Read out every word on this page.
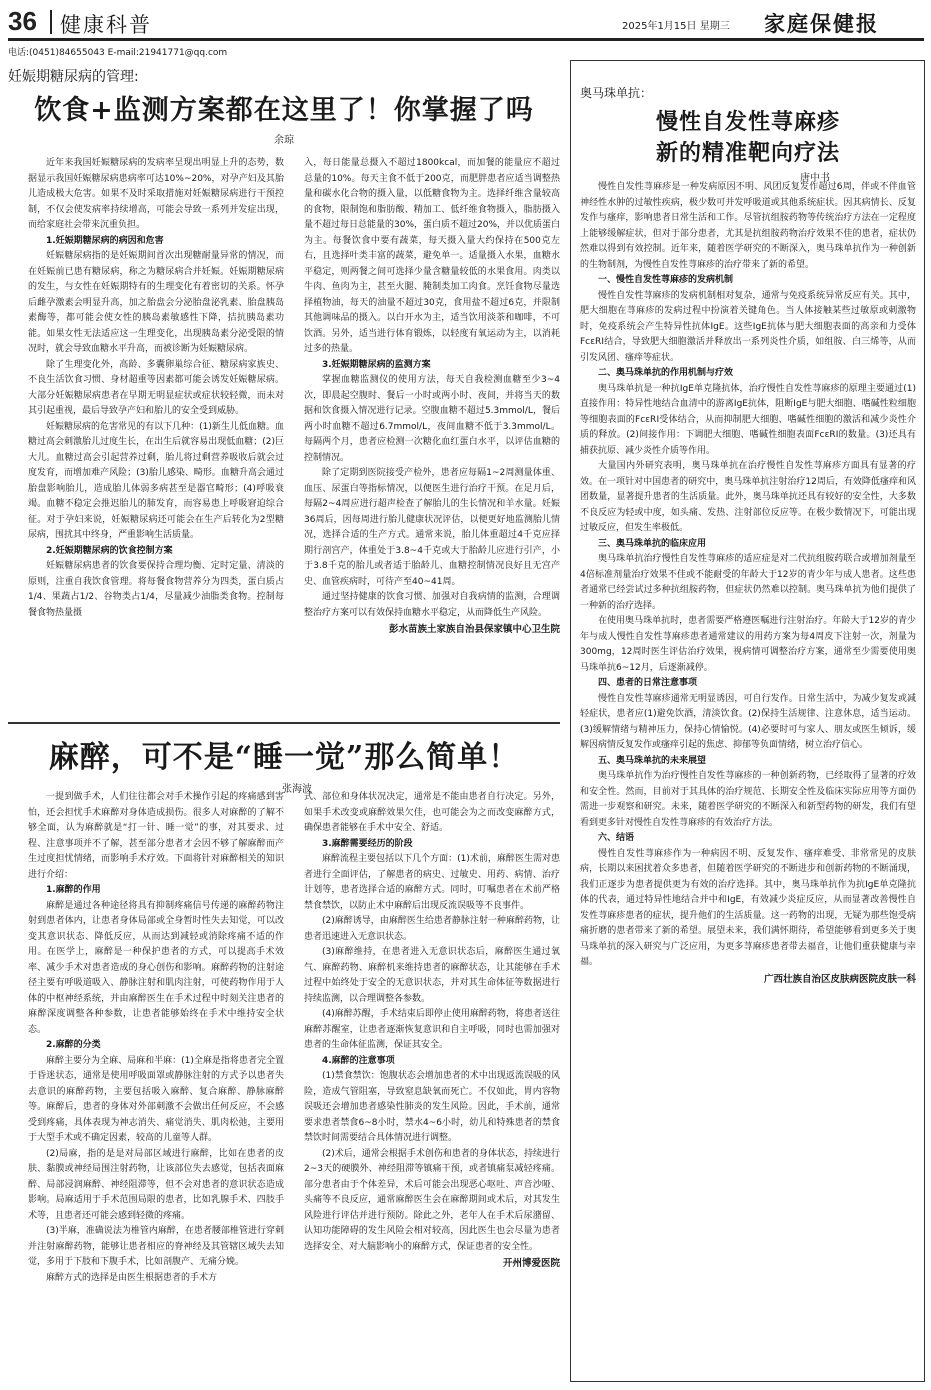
36 健康科普	2025年1月15日 星期三 家庭保健报
电话:(0451)84655043 E-mail:21941771@qq.com
妊娠期糖尿病的管理:
饮食+监测方案都在这里了！你掌握了吗
余琼

近年来我国妊娠糖尿病的发病率呈现出明显上升的态势，数据显示我国妊娠糖尿病患病率可达10%~20%，对孕产妇及其胎儿造成极大危害。如果不及时采取措施对妊娠糖尿病进行干预控制，不仅会使发病率持续增高，可能会导致一系列并发症出现，而给家庭社会带来沉重负担。

1.妊娠期糖尿病的病因和危害

妊娠糖尿病指的是妊娠期间首次出现糖耐量异常的情况，而在妊娠前已患有糖尿病，称之为糖尿病合并妊娠。妊娠期糖尿病的发生，与女性在妊娠期特有的生理变化有着密切的关系。怀孕后雌孕激素会明显升高，加之胎盘会分泌胎盘泌乳素、胎盘胰岛素酶等，都可能会使女性的胰岛素敏感性下降，拮抗胰岛素功能。如果女性无法适应这一生理变化，出现胰岛素分泌受限的情况时，就会导致血糖水平升高，而被诊断为妊娠糖尿病。

除了生理变化外，高龄、多囊卵巢综合征、糖尿病家族史、不良生活饮食习惯、身材超重等因素都可能会诱发妊娠糖尿病。大部分妊娠糖尿病患者在早期无明显症状或症状较轻微，而未对其引起重视，最后导致孕产妇和胎儿的安全受到威胁。

妊娠糖尿病的危害常见的有以下几种：(1)新生儿低血糖。血糖过高会刺激胎儿过度生长，在出生后就容易出现低血糖；(2)巨大儿。血糖过高会引起营养过剩，胎儿将过剩营养吸收后就会过度发育，而增加难产风险；(3)胎儿感染、畸形。血糖升高会通过胎盘影响胎儿，造成胎儿体弱多病甚至是器官畸形；(4)呼吸衰竭。血糖不稳定会推迟胎儿的肺发育，而容易患上呼吸窘迫综合征。对于孕妇来说，妊娠糖尿病还可能会在生产后转化为2型糖尿病，围扰其中终身，严重影响生活质量。

2.妊娠期糖尿病的饮食控制方案

妊娠糖尿病患者的饮食要保持合理均衡、定时定量、清淡的原则，注重自我饮食管理。将每餐食物营养分为四类，蛋白质占1/4、果蔬占1/2、谷物类占1/4，尽量减少油脂类食物。控制每餐食物热量摄

入，每日能量总摄入不超过1800kcal，而加餐的能量应不超过总量的10%。每天主食不低于200克，而肥胖患者应适当调整热量和碳水化合物的摄入量，以低糖食物为主。选择纤维含量较高的食物，限制饱和脂肪酸、精加工、低纤维食物摄入，脂肪摄入量不超过每日总能量的30%，蛋白质不超过20%，并以优质蛋白为主。每餐饮食中要有蔬菜，每天摄入量大约保持在500克左右，且选择叶类丰富的蔬菜，避免单一。适量摄入水果，血糖水平稳定，则两餐之间可选择少量含糖量较低的水果食用。肉类以牛肉、鱼肉为主，甚至火腿、腌制类加工肉食。烹饪食物尽量选择植物油，每天的油量不超过30克，食用盐不超过6克，并限制其他调味品的摄入。以白开水为主，适当饮用淡茶和咖啡，不可饮酒。另外，适当进行体育锻炼，以轻度有氧运动为主，以消耗过多的热量。

3.妊娠期糖尿病的监测方案

掌握血糖监测仪的使用方法，每天自我检测血糖至少3~4次，即晨起空腹时、餐后一小时或两小时、夜间，并将当天的数据和饮食摄入情况进行记录。空腹血糖不超过5.3mmol/L，餐后两小时血糖不超过6.7mmol/L，夜间血糖不低于3.3mmol/L。每隔两个月，患者应检测一次糖化血红蛋白水平，以评估血糖的控制情况。

除了定期到医院接受产检外，患者应每隔1~2周测量体重、血压、尿蛋白等指标情况，以便医生进行治疗干预。在足月后，每隔2~4周应进行超声检查了解胎儿的生长情况和羊水量。妊娠36周后，因每周进行胎儿健康状况评估，以便更好地监测胎儿情况，选择合适的生产方式。通常来说，胎儿体重超过4千克应择期行剖宫产，体重处于3.8~4千克或大于胎龄儿应进行引产，小于3.8千克的胎儿或者适于胎龄儿、血糖控制情况良好且无宫产史、血管疾病时，可待产至40~41周。

通过坚持健康的饮食习惯、加强对自我病情的监测，合理调整治疗方案可以有效保持血糖水平稳定，从而降低生产风险。

彭水苗族土家族自治县保家镇中心卫生院
麻醉，可不是“睡一觉”那么简单！
张海波

一提到做手术，人们往往都会对手术操作引起的疼痛感到害怕，还会担忧手术麻醉对身体造成损伤。很多人对麻醉的了解不够全面，认为麻醉就是“打一针、睡一觉”的事，对其要求、过程、注意事项并不了解，甚至部分患者才会因不够了解麻醉而产生过度担忧情绪，而影响手术疗效。下面将针对麻醉相关的知识进行介绍：

1.麻醉的作用

麻醉是通过各种途径将具有抑制疼痛信号传递的麻醉药物注射到患者体内，让患者身体局部或全身暂时性失去知觉，可以改变其意识状态、降低反应，从而达到减轻或消除疼痛不适的作用。在医学上，麻醉是一种保护患者的方式，可以提高手术效率、减少手术对患者造成的身心创伤和影响。麻醉药物的注射途径主要有呼吸道吸入、静脉注射和肌肉注射，可使药物作用于人体的中枢神经系统，并由麻醉医生在手术过程中时刻关注患者的麻醉深度调整各种参数，让患者能够始终在手术中维持安全状态。

2.麻醉的分类

麻醉主要分为全麻、局麻和半麻：(1)全麻是指将患者完全置于昏迷状态，通常是使用呼吸面罩或静脉注射的方式予以患者失去意识的麻醉药物，主要包括吸入麻醉、复合麻醉、静脉麻醉等。麻醉后，患者的身体对外部刺激不会做出任何反应，不会感受到疼痛，具体表现为神志消失、痛觉消失、肌肉松弛，主要用于大型手术或不确定因素，较高的儿童等人群。

(2)局麻，指的是是对局部区域进行麻醉，比如在患者的皮肤、黏膜或神经局围注射药物，让该部位失去感觉，包括表面麻醉、局部浸润麻醉、神经阻滞等，但不会对患者的意识状态造成影响。局麻适用于手术范围局限的患者，比如乳腺手术、四肢手术等，且患者还可能会感到轻微的疼痛。

(3)半麻，准确说法为椎管内麻醉，在患者腰部椎管进行穿刺并注射麻醉药物，能够让患者相应的脊神经及其管辖区域失去知觉，多用于下肢和下腹手术，比如剖腹产、无痛分娩。

麻醉方式的选择是由医生根据患者的手术方

式、部位和身体状况决定，通常是不能由患者自行决定。另外，如果手术改变或麻醉效果欠佳，也可能会为之而改变麻醉方式，确保患者能够在手术中安全、舒适。

3.麻醉需要经历的阶段

麻醉流程主要包括以下几个方面：(1)术前，麻醉医生需对患者进行全面评估，了解患者的病史、过敏史、用药、病情、治疗计划等，患者选择合适的麻醉方式。同时，叮嘱患者在术前严格禁食禁饮，以防止术中麻醉后出现反流误吸等不良事件。

(2)麻醉诱导，由麻醉医生给患者静脉注射一种麻醉药物，让患者迅速进入无意识状态。

(3)麻醉维持，在患者进入无意识状态后，麻醉医生通过氧气、麻醉药物、麻醉机来维持患者的麻醉状态，让其能够在手术过程中始终处于安全的无意识状态，并对其生命体征等数据进行持续监测，以合理调整各参数。

(4)麻醉苏醒，手术结束后即停止使用麻醉药物，将患者送往麻醉苏醒室，让患者逐渐恢复意识和自主呼吸，同时也需加强对患者的生命体征监测，保证其安全。

4.麻醉的注意事项

(1)禁食禁饮：饱腹状态会增加患者的术中出现返流误吸的风险，造成气管阻塞，导致窒息缺氧而死亡。不仅如此，胃内容物误吸还会增加患者感染性肺炎的发生风险。因此，手术前，通常要求患者禁食6~8小时，禁水4~6小时，幼儿和特殊患者的禁食禁饮时间需要结合具体情况进行调整。

(2)术后，通常会根据手术创伤和患者的身体状态，持续进行2~3天的硬膜外、神经阻滞等镇痛干预，或者镇痛泵减轻疼痛。部分患者由于个体差异，术后可能会出现恶心呕吐、声音沙哑、头痛等不良反应，通常麻醉医生会在麻醉期间或术后，对其发生风险进行评估并进行预防。除此之外，老年人在手术后尿潴留、认知功能障碍的发生风险会相对较高，因此医生也会尽量为患者选择安全、对大脑影响小的麻醉方式，保证患者的安全性。

开州博爱医院
奥马珠单抗：
慢性自发性荨麻疹
新的精准靶向疗法
唐中书

慢性自发性荨麻疹是一种发病原因不明、风团反复发作超过6周，伴或不伴血管神经性水肿的过敏性疾病，极少数可并发呼吸道或其他系统症状。因其病情长、反复发作与瘙痒，影响患者日常生活和工作。尽管抗组胺药物等传统治疗方法在一定程度上能够缓解症状，但对于部分患者，尤其是抗组胺药物治疗效果不佳的患者，症状仍然难以得到有效控制。近年来，随着医学研究的不断深入，奥马珠单抗作为一种创新的生物制剂，为慢性自发性荨麻疹的治疗带来了新的希望。

一、慢性自发性荨麻疹的发病机制

慢性自发性荨麻疹的发病机制相对复杂，通常与免疫系统异常反应有关。其中，肥大细胞在荨麻疹的发病过程中扮演着关键角色。当人体接触某些过敏原或刺激物时，免疫系统会产生特异性抗体IgE。这些IgE抗体与肥大细胞表面的高亲和力受体FcεRⅠ结合，导致肥大细胞激活并释放出一系列炎性介质，如组胺、白三烯等，从而引发风团、瘙痒等症状。

二、奥马珠单抗的作用机制与疗效

奥马珠单抗是一种抗IgE单克隆抗体，治疗慢性自发性荨麻疹的原理主要通过(1)直接作用：特异性地结合血清中的游离IgE抗体，阻断IgE与肥大细胞、嗜碱性粒细胞等细胞表面的FcεRⅠ受体结合，从而抑制肥大细胞、嗜碱性细胞的激活和减少炎性介质的释放。(2)间接作用：下调肥大细胞、嗜碱性细胞表面FcεRⅠ的数量。(3)还具有捕获抗原、减少炎性介质等作用。

大量国内外研究表明，奥马珠单抗在治疗慢性自发性荨麻疹方面具有显著的疗效。在一项针对中国患者的研究中，奥马珠单抗注射治疗12周后，有效降低瘙痒和风团数量，显著提升患者的生活质量。此外，奥马珠单抗还具有较好的安全性，大多数不良反应为轻或中度，如头痛、发热、注射部位反应等。在极少数情况下，可能出现过敏反应，但发生率极低。

三、奥马珠单抗的临床应用

奥马珠单抗治疗慢性自发性荨麻疹的适应症是对二代抗组胺药联合或增加剂量至4倍标准剂量治疗效果不佳或不能耐受的年龄大于12岁的青少年与成人患者。这些患者通常已经尝试过多种抗组胺药物，但症状仍然难以控制。奥马珠单抗为他们提供了一种新的治疗选择。

在使用奥马珠单抗时，患者需要严格遵医嘱进行注射治疗。年龄大于12岁的青少年与成人慢性自发性荨麻疹患者通常建议的用药方案为每4周皮下注射一次，剂量为300mg，12周时医生评估治疗效果，视病情可调整治疗方案，通常至少需要使用奥马珠单抗6~12月，后逐渐减停。

四、患者的日常注意事项

慢性自发性荨麻疹通常无明显诱因，可自行发作。日常生活中，为减少复发或减轻症状，患者应(1)避免饮酒，清淡饮食。(2)保持生活规律、注意休息，适当运动。(3)缓解情绪与精神压力，保持心情愉悦。(4)必要时可与家人、朋友或医生倾诉，缓解因病情反复发作或瘙痒引起的焦虑、抑郁等负面情绪，树立治疗信心。

五、奥马珠单抗的未来展望

奥马珠单抗作为治疗慢性自发性荨麻疹的一种创新药物，已经取得了显著的疗效和安全性。然而，目前对于其具体的治疗规范、长期安全性及临床实际应用等方面仍需进一步观察和研究。未来，随着医学研究的不断深入和新型药物的研发，我们有望看到更多针对慢性自发性荨麻疹的有效治疗方法。

六、结语

慢性自发性荨麻疹作为一种病因不明、反复发作、瘙痒难受、非常常见的皮肤病，长期以来困扰着众多患者，但随着医学研究的不断进步和创新药物的不断涌现，我们正逐步为患者提供更为有效的治疗选择。其中，奥马珠单抗作为抗IgE单克隆抗体的代表，通过特异性地结合并中和IgE，有效减少炎症反应，从而显著改善慢性自发性荨麻疹患者的症状，提升他们的生活质量。这一药物的出现，无疑为那些饱受病痛折磨的患者带来了新的希望。展望未来，我们满怀期待，希望能够看到更多关于奥马珠单抗的深入研究与广泛应用，为更多荨麻疹患者带去福音，让他们重获健康与幸福。

广西壮族自治区皮肤病医院皮肤一科
